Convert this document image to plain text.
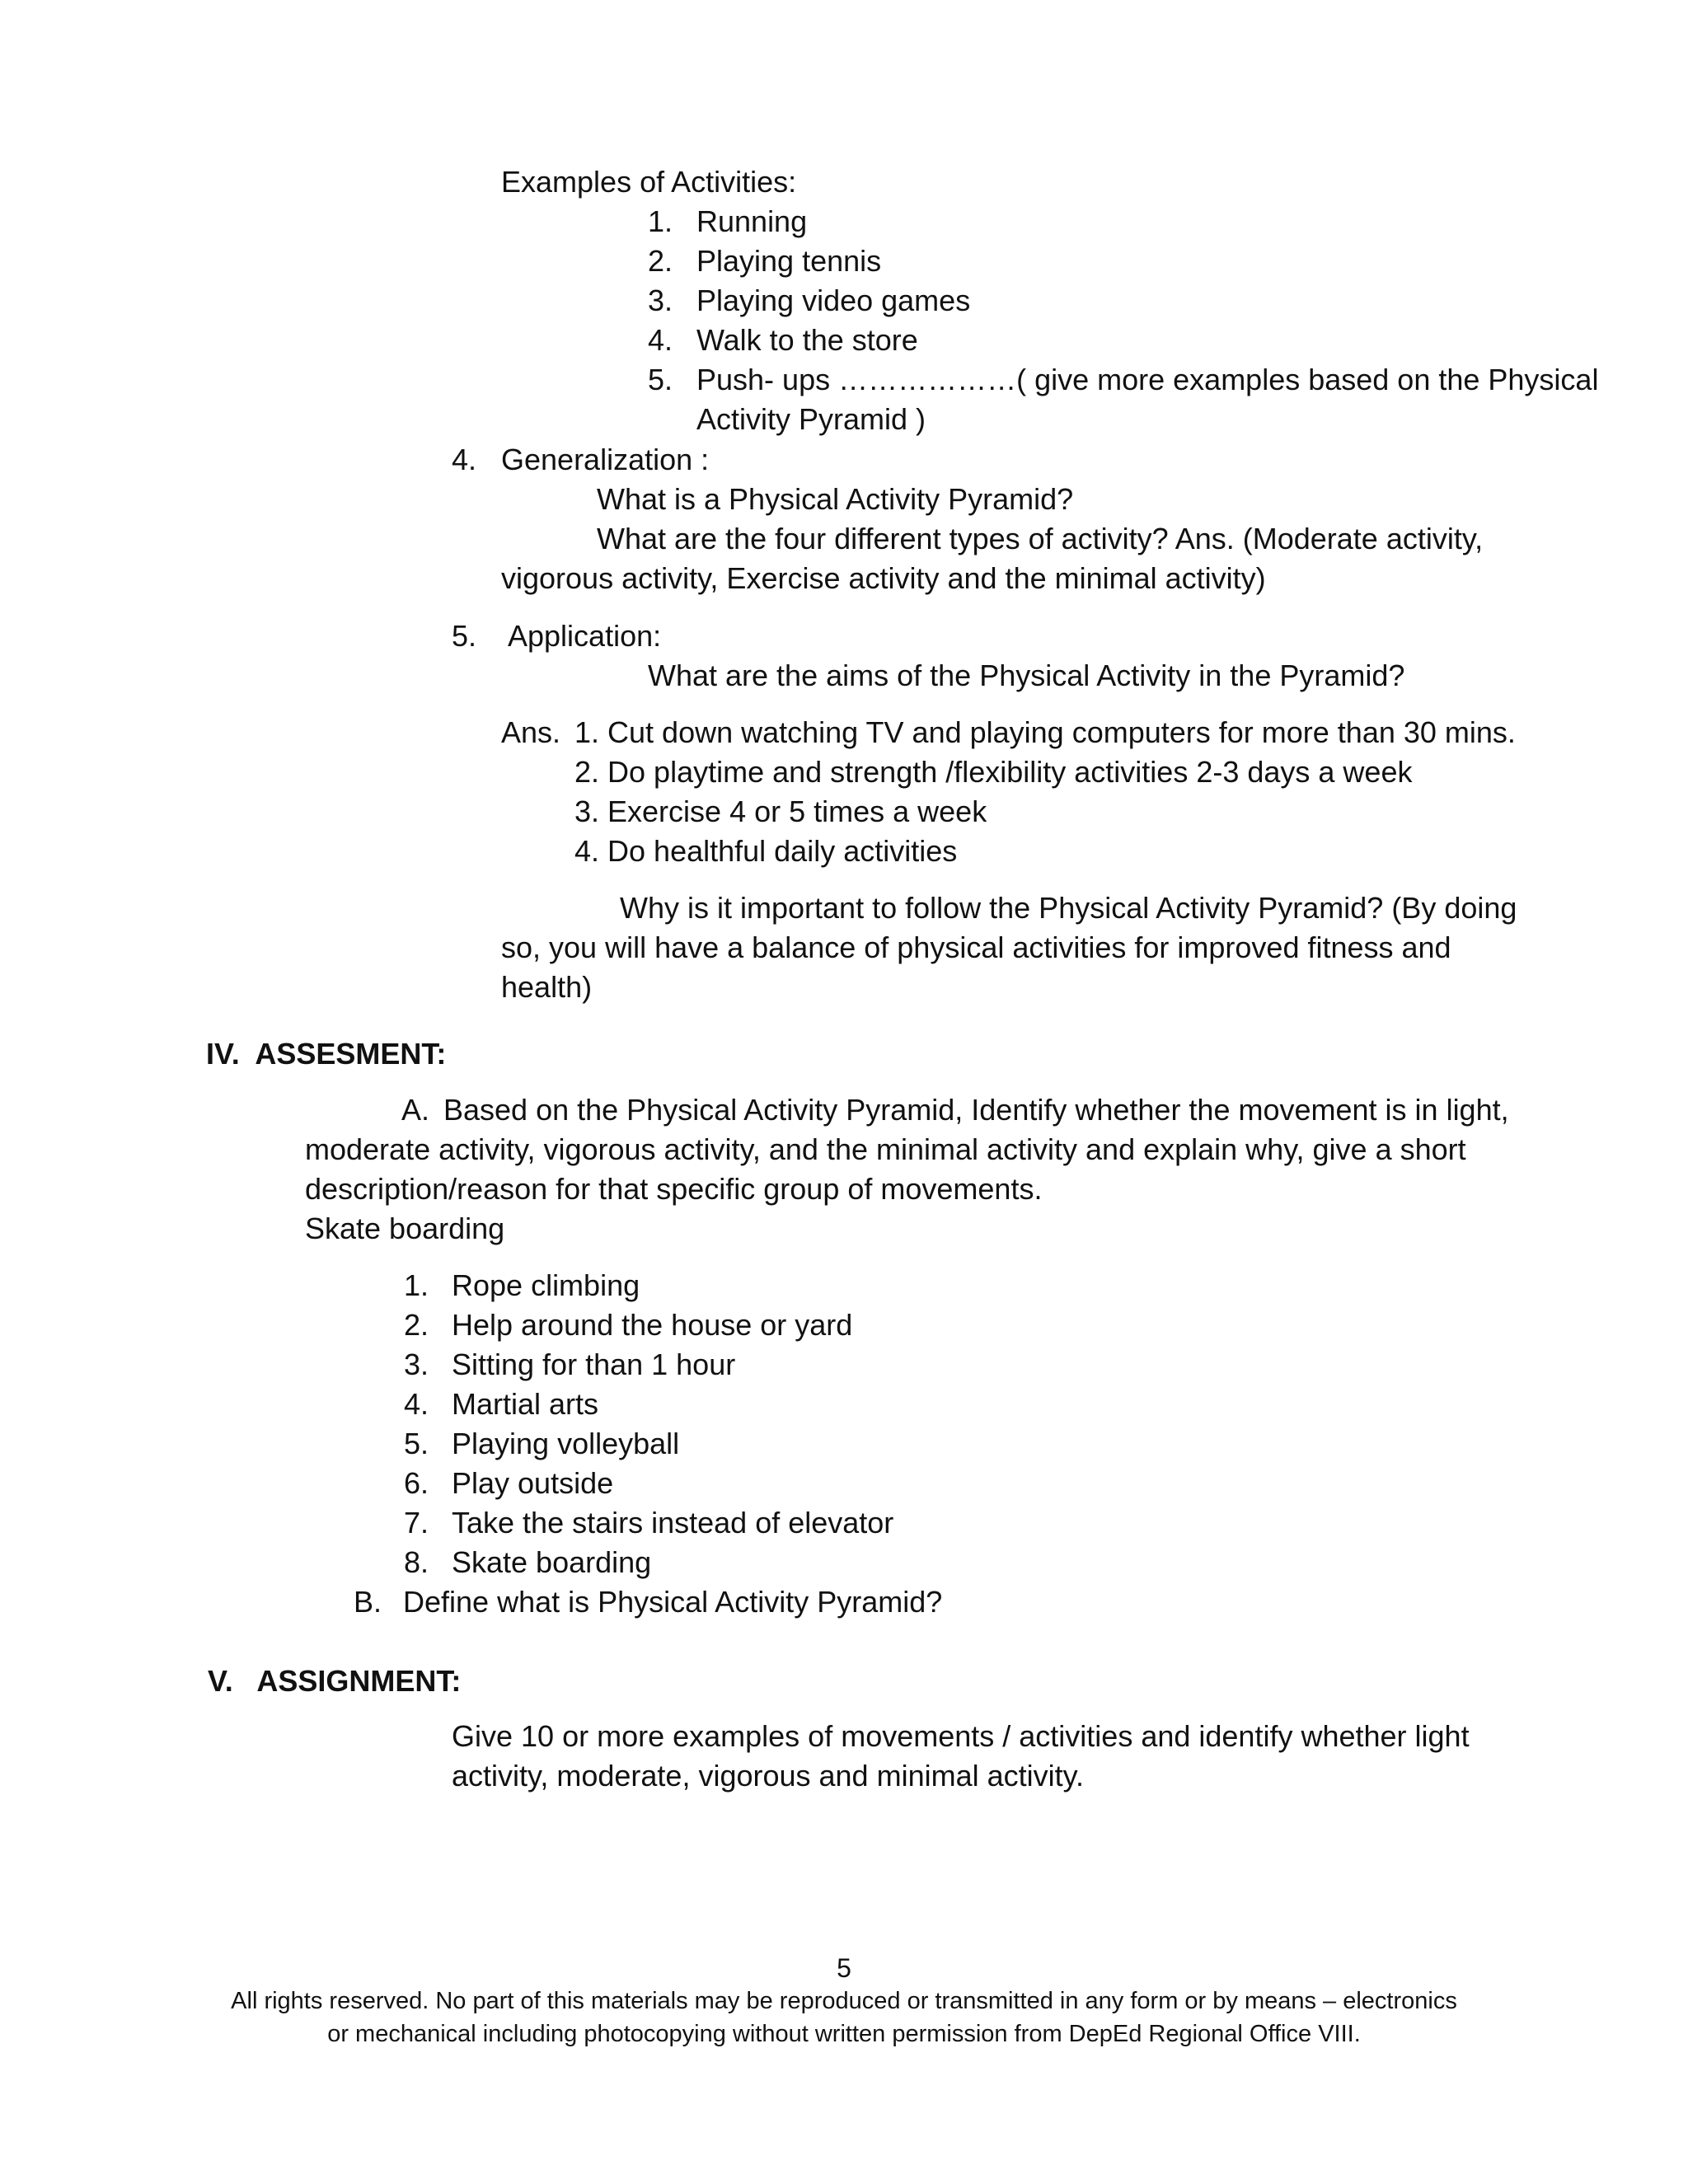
Examples of Activities:
1. Running
2. Playing tennis
3. Playing video games
4. Walk to the store
5. Push- ups ………………( give more examples based on the Physical
Activity Pyramid )
4. Generalization :
What is a Physical Activity Pyramid?
What are the four different types of activity? Ans. (Moderate activity,
vigorous activity, Exercise activity and the minimal activity)
5. Application:
What are the aims of the Physical Activity in the Pyramid?
Ans. 1. Cut down watching TV and playing computers for more than 30 mins.
2. Do playtime and strength /flexibility activities 2-3 days a week
3. Exercise 4 or 5 times a week
4. Do healthful daily activities
Why is it important to follow the Physical Activity Pyramid? (By doing
so, you will have a balance of physical activities for improved fitness and
health)
IV.  ASSESMENT:
A. Based on the Physical Activity Pyramid, Identify whether the movement is in light,
moderate activity, vigorous activity, and the minimal activity and explain why, give a short
description/reason for that specific group of movements.
Skate boarding
1. Rope climbing
2. Help around the house or yard
3. Sitting for than 1 hour
4. Martial arts
5. Playing volleyball
6. Play outside
7. Take the stairs instead of elevator
8. Skate boarding
B. Define what is Physical Activity Pyramid?
V.   ASSIGNMENT:
Give 10 or more examples of movements / activities and identify whether light
activity, moderate, vigorous and minimal activity.
5
All rights reserved. No part of this materials may be reproduced or transmitted in any form or by means – electronics
or mechanical including photocopying without written permission from DepEd Regional Office VIII.
